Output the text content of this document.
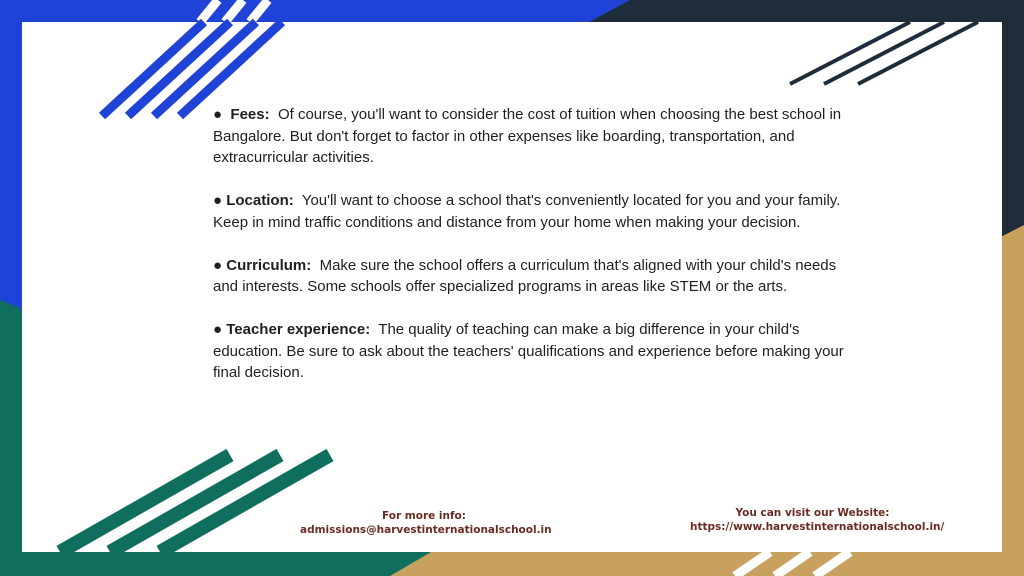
● Fees: Of course, you'll want to consider the cost of tuition when choosing the best school in Bangalore. But don't forget to factor in other expenses like boarding, transportation, and extracurricular activities.

● Location: You'll want to choose a school that's conveniently located for you and your family. Keep in mind traffic conditions and distance from your home when making your decision.

● Curriculum: Make sure the school offers a curriculum that's aligned with your child's needs and interests. Some schools offer specialized programs in areas like STEM or the arts.

● Teacher experience: The quality of teaching can make a big difference in your child's education. Be sure to ask about the teachers' qualifications and experience before making your final decision.

For more info:
admissions@harvestinternationalschool.in
You can visit our Website:
https://www.harvestinternationalschool.in/
